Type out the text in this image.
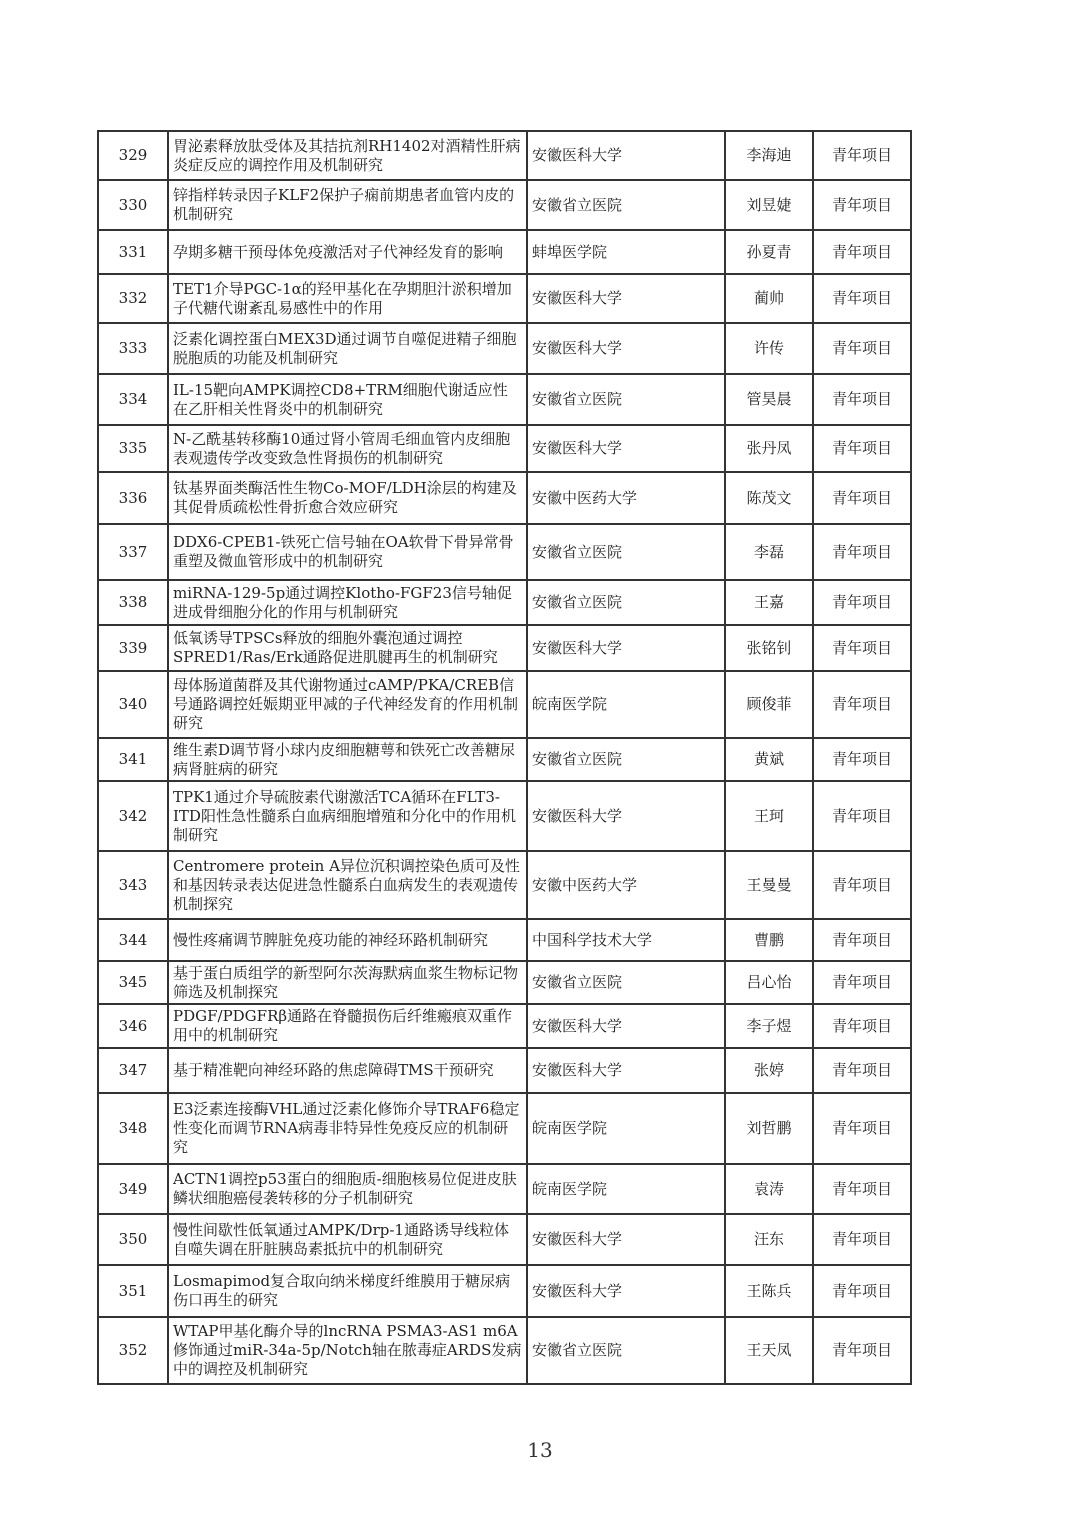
329	胃泌素释放肽受体及其拮抗剂RH1402对酒精性肝病炎症反应的调控作用及机制研究	安徽医科大学	李海迪	青年项目
330	锌指样转录因子KLF2保护子痫前期患者血管内皮的机制研究	安徽省立医院	刘昱婕	青年项目
331	孕期多糖干预母体免疫激活对子代神经发育的影响	蚌埠医学院	孙夏青	青年项目
332	TET1介导PGC-1α的羟甲基化在孕期胆汁淤积增加子代糖代谢紊乱易感性中的作用	安徽医科大学	蔺帅	青年项目
333	泛素化调控蛋白MEX3D通过调节自噬促进精子细胞脱胞质的功能及机制研究	安徽医科大学	许传	青年项目
334	IL-15靶向AMPK调控CD8+TRM细胞代谢适应性在乙肝相关性肾炎中的机制研究	安徽省立医院	管昊晨	青年项目
335	N-乙酰基转移酶10通过肾小管周毛细血管内皮细胞表观遗传学改变致急性肾损伤的机制研究	安徽医科大学	张丹凤	青年项目
336	钛基界面类酶活性生物Co-MOF/LDH涂层的构建及其促骨质疏松性骨折愈合效应研究	安徽中医药大学	陈茂文	青年项目
337	DDX6-CPEB1-铁死亡信号轴在OA软骨下骨异常骨重塑及微血管形成中的机制研究	安徽省立医院	李磊	青年项目
338	miRNA-129-5p通过调控Klotho-FGF23信号轴促进成骨细胞分化的作用与机制研究	安徽省立医院	王嘉	青年项目
339	低氧诱导TPSCs释放的细胞外囊泡通过调控SPRED1/Ras/Erk通路促进肌腱再生的机制研究	安徽医科大学	张铭钊	青年项目
340	母体肠道菌群及其代谢物通过cAMP/PKA/CREB信号通路调控妊娠期亚甲减的子代神经发育的作用机制研究	皖南医学院	顾俊菲	青年项目
341	维生素D调节肾小球内皮细胞糖萼和铁死亡改善糖尿病肾脏病的研究	安徽省立医院	黄斌	青年项目
342	TPK1通过介导硫胺素代谢激活TCA循环在FLT3-ITD阳性急性髓系白血病细胞增殖和分化中的作用机制研究	安徽医科大学	王珂	青年项目
343	Centromere protein A异位沉积调控染色质可及性和基因转录表达促进急性髓系白血病发生的表观遗传机制探究	安徽中医药大学	王曼曼	青年项目
344	慢性疼痛调节脾脏免疫功能的神经环路机制研究	中国科学技术大学	曹鹏	青年项目
345	基于蛋白质组学的新型阿尔茨海默病血浆生物标记物筛选及机制探究	安徽省立医院	吕心怡	青年项目
346	PDGF/PDGFRβ通路在脊髓损伤后纤维瘢痕双重作用中的机制研究	安徽医科大学	李子煜	青年项目
347	基于精准靶向神经环路的焦虑障碍TMS干预研究	安徽医科大学	张婷	青年项目
348	E3泛素连接酶VHL通过泛素化修饰介导TRAF6稳定性变化而调节RNA病毒非特异性免疫反应的机制研究	皖南医学院	刘哲鹏	青年项目
349	ACTN1调控p53蛋白的细胞质-细胞核易位促进皮肤鳞状细胞癌侵袭转移的分子机制研究	皖南医学院	袁涛	青年项目
350	慢性间歇性低氧通过AMPK/Drp-1通路诱导线粒体自噬失调在肝脏胰岛素抵抗中的机制研究	安徽医科大学	汪东	青年项目
351	Losmapimod复合取向纳米梯度纤维膜用于糖尿病伤口再生的研究	安徽医科大学	王陈兵	青年项目
352	WTAP甲基化酶介导的lncRNA PSMA3-AS1 m6A修饰通过miR-34a-5p/Notch轴在脓毒症ARDS发病中的调控及机制研究	安徽省立医院	王天凤	青年项目
13
